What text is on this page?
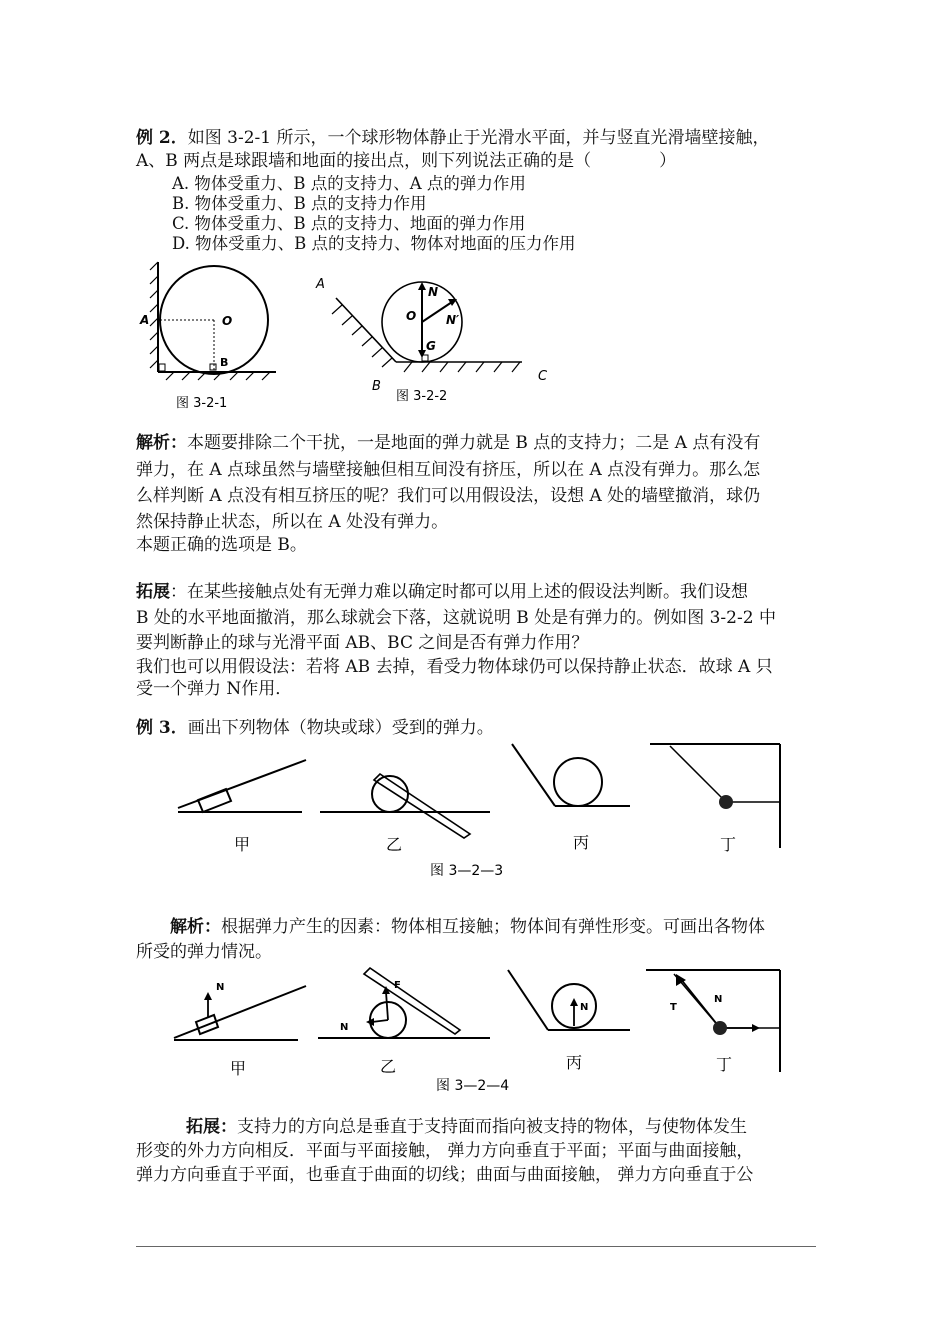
例 2．如图 3-2-1 所示，一个球形物体静止于光滑水平面，并与竖直光滑墙壁接触，
A、B 两点是球跟墙和地面的接出点，则下列说法正确的是（　　　　）
A. 物体受重力、B 点的支持力、A 点的弹力作用
B. 物体受重力、B 点的支持力作用
C. 物体受重力、B 点的支持力、地面的弹力作用
D. 物体受重力、B 点的支持力、物体对地面的压力作用
A	O
B
图 3-2-1
A
B
C
O
N
N′
G
图 3-2-2
解析：本题要排除二个干扰，一是地面的弹力就是 B 点的支持力；二是 A 点有没有
弹力，在 A 点球虽然与墙壁接触但相互间没有挤压，所以在 A 点没有弹力。那么怎
么样判断 A 点没有相互挤压的呢？我们可以用假设法，设想 A 处的墙壁撤消，球仍
然保持静止状态，所以在 A 处没有弹力。
本题正确的选项是 B。
拓展：在某些接触点处有无弹力难以确定时都可以用上述的假设法判断。我们设想
B 处的水平地面撤消，那么球就会下落，这就说明 B 处是有弹力的。例如图 3-2-2 中
要判断静止的球与光滑平面 AB、BC 之间是否有弹力作用？
我们也可以用假设法：若将 AB 去掉，看受力物体球仍可以保持静止状态．故球 A 只
受一个弹力 N作用．
例 3．画出下列物体（物块或球）受到的弹力。
甲	乙	丙	丁
图 3—2—3
解析：根据弹力产生的因素：物体相互接触；物体间有弹性形变。可画出各物体
所受的弹力情况。
N	F
N
N	T
N
甲	乙	丙	丁
图 3—2—4
拓展：支持力的方向总是垂直于支持面而指向被支持的物体，与使物体发生
形变的外力方向相反．平面与平面接触， 弹力方向垂直于平面；平面与曲面接触，
弹力方向垂直于平面，也垂直于曲面的切线；曲面与曲面接触， 弹力方向垂直于公
